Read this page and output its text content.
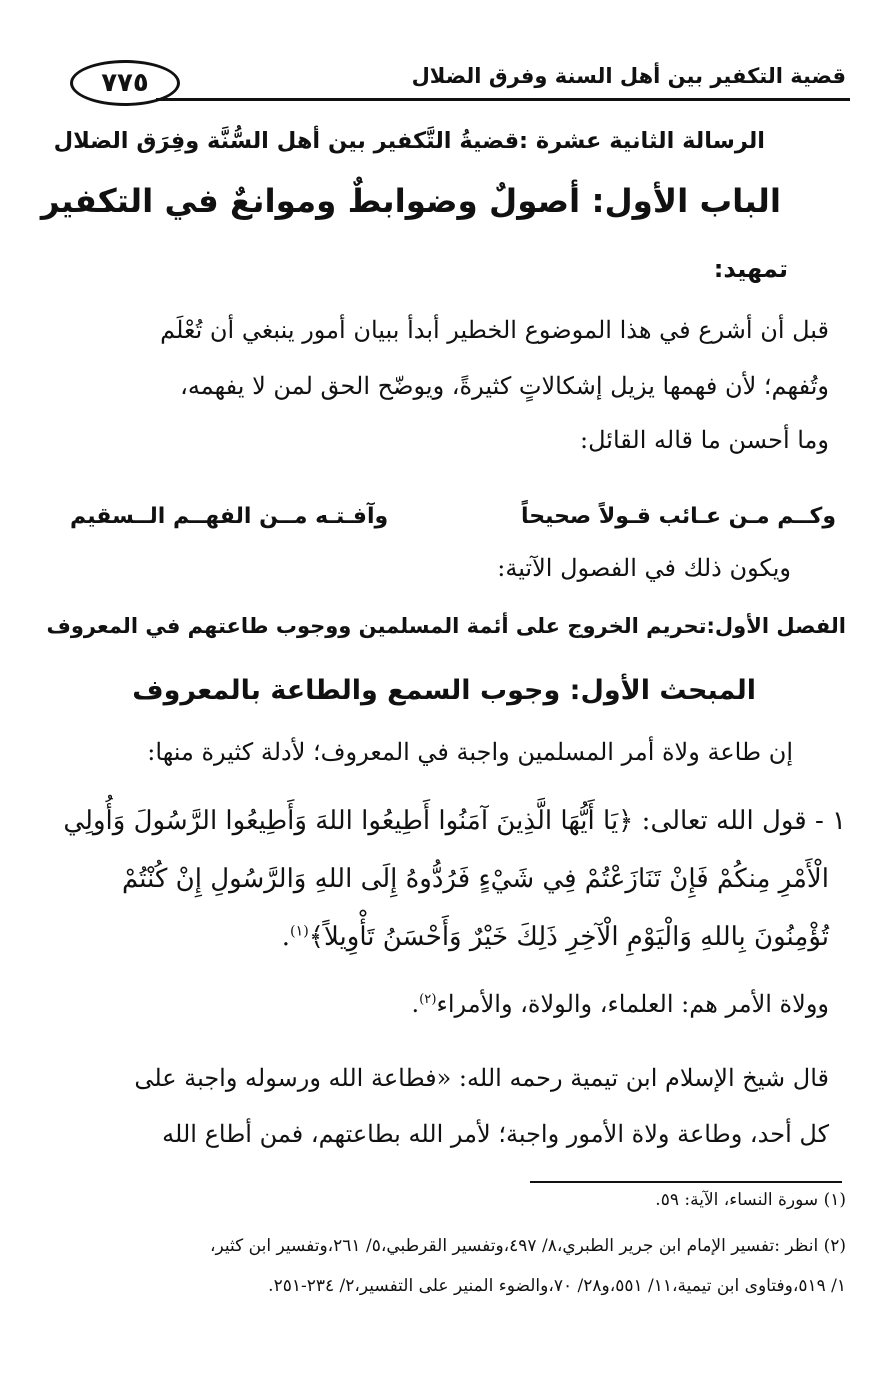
قضية التكفير بين أهل السنة وفرق الضلال
٧٧٥
الرسالة الثانية عشرة :قضيةُ التَّكفير بين أهل السُّنَّة وفِرَق الضلال
الباب الأول: أصولٌ وضوابطٌ وموانعٌ في التكفير
تمهيد:
قبل أن أشرع في هذا الموضوع الخطير أبدأ ببيان أمور ينبغي أن تُعْلَم
وتُفهم؛ لأن فهمها يزيل إشكالاتٍ كثيرةً، ويوضّح الحق لمن لا يفهمه،
وما أحسن ما قاله القائل:
وكــم مـن عـائب قـولاً صحيحاً
وآفـتـه مــن الفهــم الــسقيم
ويكون ذلك في الفصول الآتية:
الفصل الأول:تحريم الخروج على أئمة المسلمين ووجوب طاعتهم في المعروف
المبحث الأول: وجوب السمع والطاعة بالمعروف
إن طاعة ولاة أمر المسلمين واجبة في المعروف؛ لأدلة كثيرة منها:
١ - قول الله تعالى: ﴿يَا أَيُّهَا الَّذِينَ آمَنُوا أَطِيعُوا اللهَ وَأَطِيعُوا الرَّسُولَ وَأُولِي
الْأَمْرِ مِنكُمْ فَإِنْ تَنَازَعْتُمْ فِي شَيْءٍ فَرُدُّوهُ إِلَى اللهِ وَالرَّسُولِ إِنْ كُنْتُمْ
تُؤْمِنُونَ بِاللهِ وَالْيَوْمِ الْآخِرِ ذَلِكَ خَيْرٌ وَأَحْسَنُ تَأْوِيلاً﴾$^{(١)}$.
وولاة الأمر هم: العلماء، والولاة، والأمراء$^{(٢)}$.
قال شيخ الإسلام ابن تيمية رحمه الله: «فطاعة الله ورسوله واجبة على
كل أحد، وطاعة ولاة الأمور واجبة؛ لأمر الله بطاعتهم، فمن أطاع الله
(١) سورة النساء، الآية: ٥٩.
(٢) انظر :تفسير الإمام ابن جرير الطبري،٨/ ٤٩٧،وتفسير القرطبي،٥/ ٢٦١،وتفسير ابن كثير،
١/ ٥١٩،وفتاوى ابن تيمية،١١/ ٥٥١،و٢٨/ ٧٠،والضوء المنير على التفسير،٢/ ٢٣٤-٢٥١.
